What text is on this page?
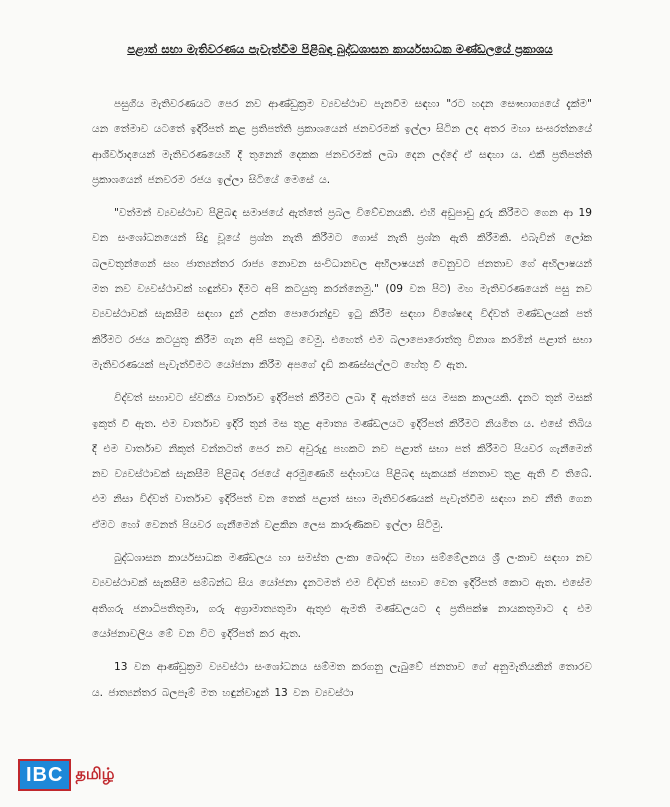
පළාත් සභා මැතිවරණය පැවැත්වීම පිළිබඳ බුද්ධශාසන කාර්යසාධක මණ්ඩලයේ ප්‍රකාශය

පසුගිය මැතිවරණයට පෙර නව ආණ්ඩුක්‍රම ව්‍යවස්ථාව පැනවීම සඳහා "රට හදන සෞභාග්‍යයේ දැක්ම" යන තේමාව යටතේ ඉදිරිපත් කළ ප්‍රතිපත්ති ප්‍රකාශයෙන් ජනවරමක් ඉල්ලා සිටින ලද අතර මහා සංඝරත්නයේ ආශීර්වාදයෙන් මැතිවරණයෙහි දී තුනෙන් දෙකක ජනවරමක් ලබා දෙන ලද්දේ ඒ සඳහා ය. එකී ප්‍රතිපත්ති ප්‍රකාශයෙන් ජනවරම රජය ඉල්ලා සිටියේ මෙසේ ය.

"වත්මන් ව්‍යවස්ථාව පිළිබඳ සමාජයේ ඇත්තේ ප්‍රබල විවේචනයකි. එහි අඩුපාඩු දුරු කිරීමට ගෙන ආ 19 වන සංශෝධනයෙන් සිදු වූයේ ප්‍රශ්න නැති කිරීමට ගොස් නැති ප්‍රශ්න ඇති කිරීමකි. එබැවින් ලෝක බලවතුන්ගෙන් සහ ජාත්‍යන්තර රාජ්‍ය නොවන සංවිධානවල අභිලාෂයන් වෙනුවට ජනතාව ගේ අභිලාෂයන් මත නව ව්‍යවස්ථාවක් හඳුන්වා දීමට අපි කටයුතු කරන්නෙමු." (09 වන පිට) මහ මැතිවරණයෙන් පසු නව ව්‍යවස්ථාවක් සැකසීම සඳහා දුන් උක්ත පොරොන්දුව ඉටු කිරීම සඳහා විශේෂඥ විද්වත් මණ්ඩලයක් පත් කිරීමට රජය කටයුතු කිරීම ගැන අපි සතුටු වෙමු. එහෙත් එම බලාපොරොත්තු විනාශ කරමින් පළාත් සභා මැතිවරණයක් පැවැත්වීමට යෝජනා කිරීම අපගේ දැඩි කණස්සල්ලට හේතු වී ඇත.

විද්වත් සභාවට ස්වකීය වාර්තාව ඉදිරිපත් කිරීමට ලබා දී ඇත්තේ සය මසක කාලයකි. දැනට තුන් මසක් ඉකුත් වී ඇත. එම වාර්තාව ඉදිරි තුන් මස තුළ අමාත්‍ය මණ්ඩලයට ඉදිරිපත් කිරීමට නියමිත ය. එසේ තිබිය දී එම වාර්තාව නිකුත් වන්නටත් පෙර නව අවුරුදු පහකට නව පළාත් සභා පත් කිරීමට පියවර ගැනීමෙන් නව ව්‍යවස්ථාවක් සැකසීම පිළිබඳ රජයේ අරමුණෙහි සද්භාවය පිළිබඳ සැකයක් ජනතාව තුළ ඇති වී තිබේ. එම නිසා විද්වත් වාර්තාව ඉදිරිපත් වන තෙක් පළාත් සභා මැතිවරණයක් පැවැත්වීම සඳහා නව නීති ගෙන ඒමට හෝ වෙනත් පියවර ගැනීමෙන් වළකින ලෙස කාරුණිකව ඉල්ලා සිටිමු.

බුද්ධශාසන කාර්යසාධක මණ්ඩලය හා සමස්ත ලංකා බෞද්ධ මහා සම්මේලනය ශ්‍රී ලංකාව සඳහා නව ව්‍යවස්ථාවක් සැකසීම සම්බන්ධ සිය යෝජනා දැනටමත් එම විද්වත් සභාව වෙත ඉදිරිපත් කොට ඇත. එසේම අතිගරු ජනාධිපතිතුමා, ගරු අග්‍රාමාත්‍යතුමා ඇතුළු ඇමති මණ්ඩලයට ද ප්‍රතිපක්ෂ නායකතුමාට ද එම යෝජනාවලිය මේ වන විට ඉදිරිපත් කර ඇත.

13 වන ආණ්ඩුක්‍රම ව්‍යවස්ථා සංශෝධනය සම්මත කරගනු ලැබුවේ ජනතාව ගේ අනුමැතියකින් තොරව ය. ජාත්‍යන්තර බලපෑම් මත හඳුන්වාදුන් 13 වන ව්‍යවස්ථා

IBC தமிழ்
